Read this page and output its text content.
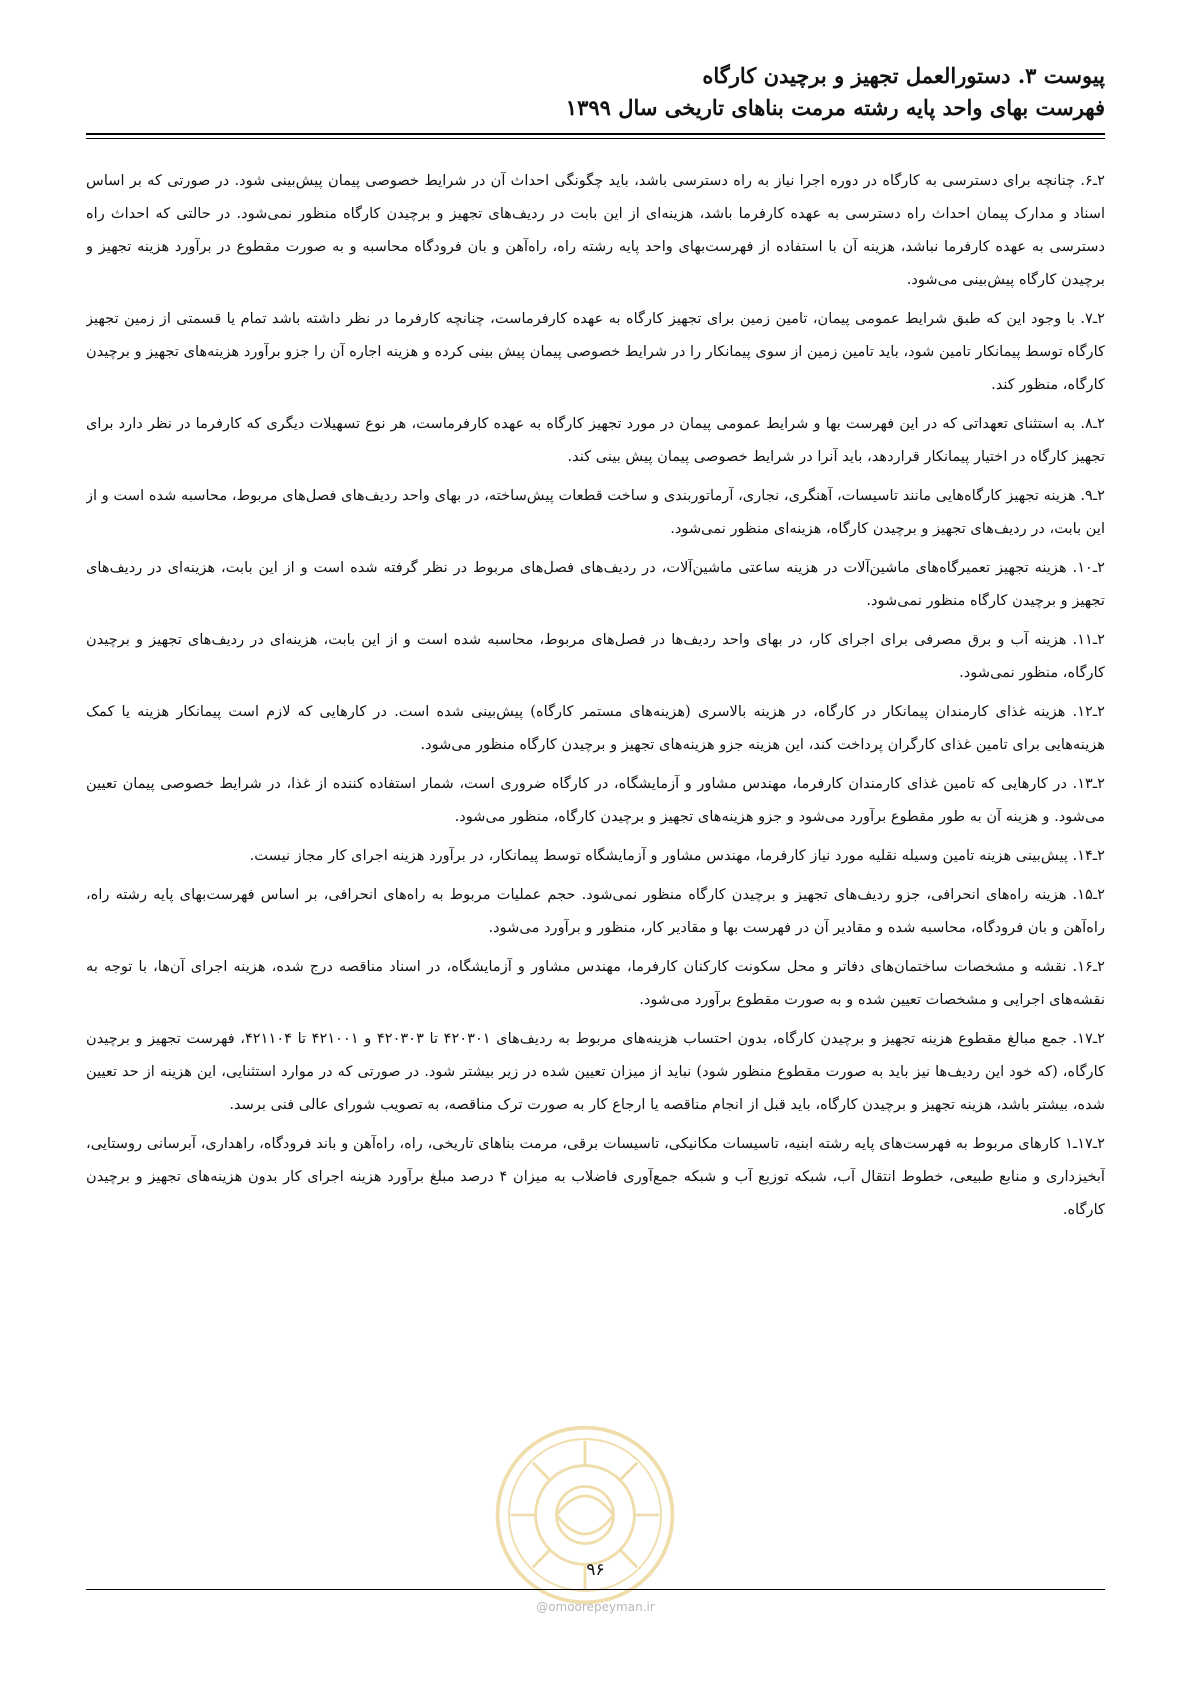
پیوست ۳. دستورالعمل تجهیز و برچیدن کارگاه
فهرست بهای واحد پایه رشته مرمت بناهای تاریخی سال ۱۳۹۹

۲ـ۶. چنانچه برای دسترسی به کارگاه در دوره اجرا نیاز به راه دسترسی باشد، باید چگونگی احداث آن در شرایط خصوصی پیمان پیش‌بینی شود. در صورتی که بر اساس اسناد و مدارک پیمان احداث راه دسترسی به عهده کارفرما باشد، هزینه‌ای از این بابت در ردیف‌های تجهیز و برچیدن کارگاه منظور نمی‌شود. در حالتی که احداث راه دسترسی به عهده کارفرما نباشد، هزینه آن با استفاده از فهرست‌بهای واحد پایه رشته راه، راه‌آهن و بان فرودگاه محاسبه و به صورت مقطوع در برآورد هزینه تجهیز و برچیدن کارگاه پیش‌بینی می‌شود.

۲ـ۷. با وجود این که طبق شرایط عمومی پیمان، تامین زمین برای تجهیز کارگاه به عهده کارفرماست، چنانچه کارفرما در نظر داشته باشد تمام یا قسمتی از زمین تجهیز کارگاه توسط پیمانکار تامین شود، باید تامین زمین از سوی پیمانکار را در شرایط خصوصی پیمان پیش بینی کرده و هزینه اجاره آن را جزو برآورد هزینه‌های تجهیز و برچیدن کارگاه، منظور کند.

۲ـ۸. به استثنای تعهداتی که در این فهرست بها و شرایط عمومی پیمان در مورد تجهیز کارگاه به عهده کارفرماست، هر نوع تسهیلات دیگری که کارفرما در نظر دارد برای تجهیز کارگاه در اختیار پیمانکار قراردهد، باید آنرا در شرایط خصوصی پیمان پیش بینی کند.

۲ـ۹. هزینه تجهیز کارگاه‌هایی مانند تاسیسات، آهنگری، نجاری، آرماتوربندی و ساخت قطعات پیش‌ساخته، در بهای واحد ردیف‌های فصل‌های مربوط، محاسبه شده است و از این بابت، در ردیف‌های تجهیز و برچیدن کارگاه، هزینه‌ای منظور نمی‌شود.

۲ـ۱۰. هزینه تجهیز تعمیرگاه‌های ماشین‌آلات در هزینه ساعتی ماشین‌آلات، در ردیف‌های فصل‌های مربوط در نظر گرفته شده است و از این بابت، هزینه‌ای در ردیف‌های تجهیز و برچیدن کارگاه منظور نمی‌شود.

۲ـ۱۱. هزینه آب و برق مصرفی برای اجرای کار، در بهای واحد ردیف‌ها در فصل‌های مربوط، محاسبه شده است و از این بابت، هزینه‌ای در ردیف‌های تجهیز و برچیدن کارگاه، منظور نمی‌شود.

۲ـ۱۲. هزینه غذای کارمندان پیمانکار در کارگاه، در هزینه بالاسری (هزینه‌های مستمر کارگاه) پیش‌بینی شده است. در کارهایی که لازم است پیمانکار هزینه یا کمک هزینه‌هایی برای تامین غذای کارگران پرداخت کند، این هزینه جزو هزینه‌های تجهیز و برچیدن کارگاه منظور می‌شود.

۲ـ۱۳. در کارهایی که تامین غذای کارمندان کارفرما، مهندس مشاور و آزمایشگاه، در کارگاه ضروری است، شمار استفاده کننده از غذا، در شرایط خصوصی پیمان تعیین می‌شود. و هزینه آن به طور مقطوع برآورد می‌شود و جزو هزینه‌های تجهیز و برچیدن کارگاه، منظور می‌شود.

۲ـ۱۴. پیش‌بینی هزینه تامین وسیله نقلیه مورد نیاز کارفرما، مهندس مشاور و آزمایشگاه توسط پیمانکار، در برآورد هزینه اجرای کار مجاز نیست.

۲ـ۱۵. هزینه راه‌های انحرافی، جزو ردیف‌های تجهیز و برچیدن کارگاه منظور نمی‌شود. حجم عملیات مربوط به راه‌های انحرافی، بر اساس فهرست‌بهای پایه رشته راه، راه‌آهن و بان فرودگاه، محاسبه شده و مقادیر آن در فهرست بها و مقادیر کار، منظور و برآورد می‌شود.

۲ـ۱۶. نقشه و مشخصات ساختمان‌های دفاتر و محل سکونت کارکنان کارفرما، مهندس مشاور و آزمایشگاه، در اسناد مناقصه درج شده، هزینه اجرای آن‌ها، با توجه به نقشه‌های اجرایی و مشخصات تعیین شده و به صورت مقطوع برآورد می‌شود.

۲ـ۱۷. جمع مبالغ مقطوع هزینه تجهیز و برچیدن کارگاه، بدون احتساب هزینه‌های مربوط به ردیف‌های ۴۲۰۳۰۱ تا ۴۲۰۳۰۳ و ۴۲۱۰۰۱ تا ۴۲۱۱۰۴، فهرست تجهیز و برچیدن کارگاه، (که خود این ردیف‌ها نیز باید به صورت مقطوع منظور شود) نباید از میزان تعیین شده در زیر بیشتر شود. در صورتی که در موارد استثنایی، این هزینه از حد تعیین شده، بیشتر باشد، هزینه تجهیز و برچیدن کارگاه، باید قبل از انجام مناقصه یا ارجاع کار به صورت ترک مناقصه، به تصویب شورای عالی فنی برسد.

۲ـ۱۷ـ۱ کارهای مربوط به فهرست‌های پایه رشته ابنیه، تاسیسات مکانیکی، تاسیسات برقی، مرمت بناهای تاریخی، راه، راه‌آهن و باند فرودگاه، راهداری، آبرسانی روستایی، آبخیزداری و منابع طبیعی، خطوط انتقال آب، شبکه توزیع آب و شبکه جمع‌آوری فاضلاب به میزان ۴ درصد مبلغ برآورد هزینه اجرای کار بدون هزینه‌های تجهیز و برچیدن کارگاه.

۹۶
@omoorepeyman.ir
